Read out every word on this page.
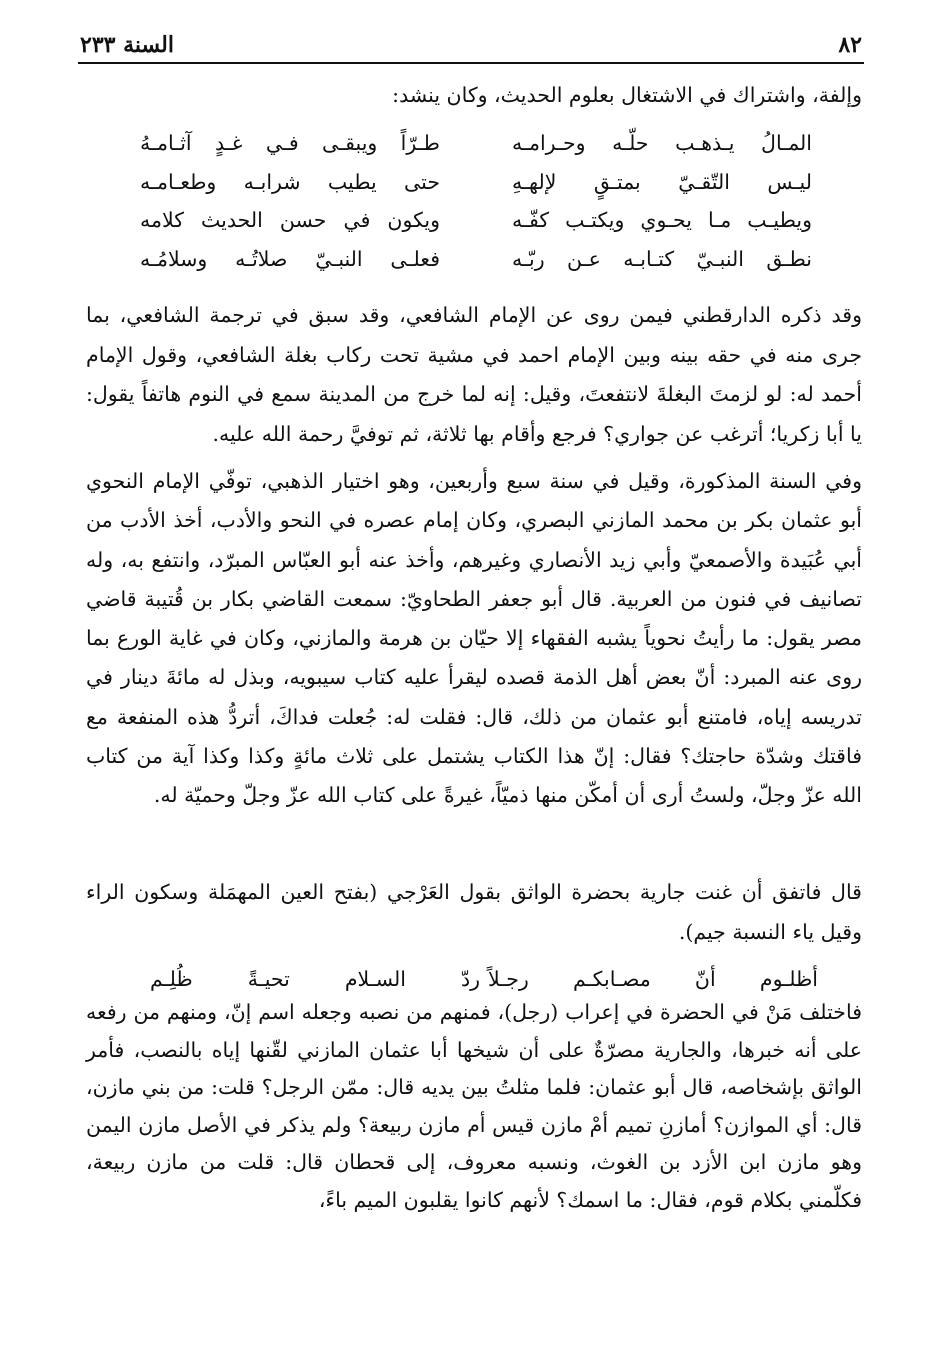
٨٢
السنة ٢٣٣
وإلفة، واشتراك في الاشتغال بعلوم الحديث، وكان ينشد:
المـالُ يـذهـب حلّـه وحـرامـه
طـرّاً ويبقـى فـي غـدٍ آثـامـهُ
ليـس التّقـيّ بمتـقٍ لإلهـهِ
حتى يطيب شرابـه وطعـامـه
ويطيـب مـا يحـوي ويكتـب كفّـه
ويكون في حسن الحديث كلامه
نطـق النبـيّ كتـابـه عـن ربّـه
فعلـى النبـيّ صلاتُـه وسلامُـه
وقد ذكره الدارقطني فيمن روى عن الإمام الشافعي، وقد سبق في ترجمة الشافعي، بما جرى منه في حقه بينه وبين الإمام احمد في مشية تحت ركاب بغلة الشافعي، وقول الإمام أحمد له: لو لزمتَ البغلةَ لانتفعتَ، وقيل: إنه لما خرج من المدينة سمع في النوم هاتفاً يقول: يا أبا زكريا؛ أترغب عن جواري؟ فرجع وأقام بها ثلاثة، ثم توفيَّ رحمة الله عليه.
وفي السنة المذكورة، وقيل في سنة سبع وأربعين، وهو اختيار الذهبي، توفّي الإمام النحوي أبو عثمان بكر بن محمد المازني البصري، وكان إمام عصره في النحو والأدب، أخذ الأدب من أبي عُبَيدة والأصمعيّ وأبي زيد الأنصاري وغيرهم، وأخذ عنه أبو العبّاس المبرّد، وانتفع به، وله تصانيف في فنون من العربية. قال أبو جعفر الطحاويّ: سمعت القاضي بكار بن قُتيبة قاضي مصر يقول: ما رأيتُ نحوياً يشبه الفقهاء إلا حيّان بن هرمة والمازني، وكان في غاية الورع بما روى عنه المبرد: أنّ بعض أهل الذمة قصده ليقرأ عليه كتاب سيبويه، وبذل له مائةَ دينار في تدريسه إياه، فامتنع أبو عثمان من ذلك، قال: فقلت له: جُعلت فداكَ، أتردُّ هذه المنفعة مع فاقتك وشدّة حاجتك؟ فقال: إنّ هذا الكتاب يشتمل على ثلاث مائةٍ وكذا وكذا آية من كتاب الله عزّ وجلّ، ولستُ أرى أن أمكّن منها ذميّاً، غيرةً على كتاب الله عزّ وجلّ وحميّة له.
قال فاتفق أن غنت جارية بحضرة الواثق بقول العَرْجي (بفتح العين المهمَلة وسكون الراء وقيل ياء النسبة جيم).
أظلـوم أنّ مصـابكـم رجـلاً
ردّ السـلام تحيـةً ظُلِـم
فاختلف مَنْ في الحضرة في إعراب (رجل)، فمنهم من نصبه وجعله اسم إنّ، ومنهم من رفعه على أنه خبرها، والجارية مصرّةٌ على أن شيخها أبا عثمان المازني لقّنها إياه بالنصب، فأمر الواثق بإشخاصه، قال أبو عثمان: فلما مثلتُ بين يديه قال: ممّن الرجل؟ قلت: من بني مازن، قال: أي الموازن؟ أمازنِ تميم أمْ مازن قيس أم مازن ربيعة؟ ولم يذكر في الأصل مازن اليمن وهو مازن ابن الأزد بن الغوث، ونسبه معروف، إلى قحطان قال: قلت من مازن ربيعة، فكلّمني بكلام قوم، فقال: ما اسمك؟ لأنهم كانوا يقلبون الميم باءً،
